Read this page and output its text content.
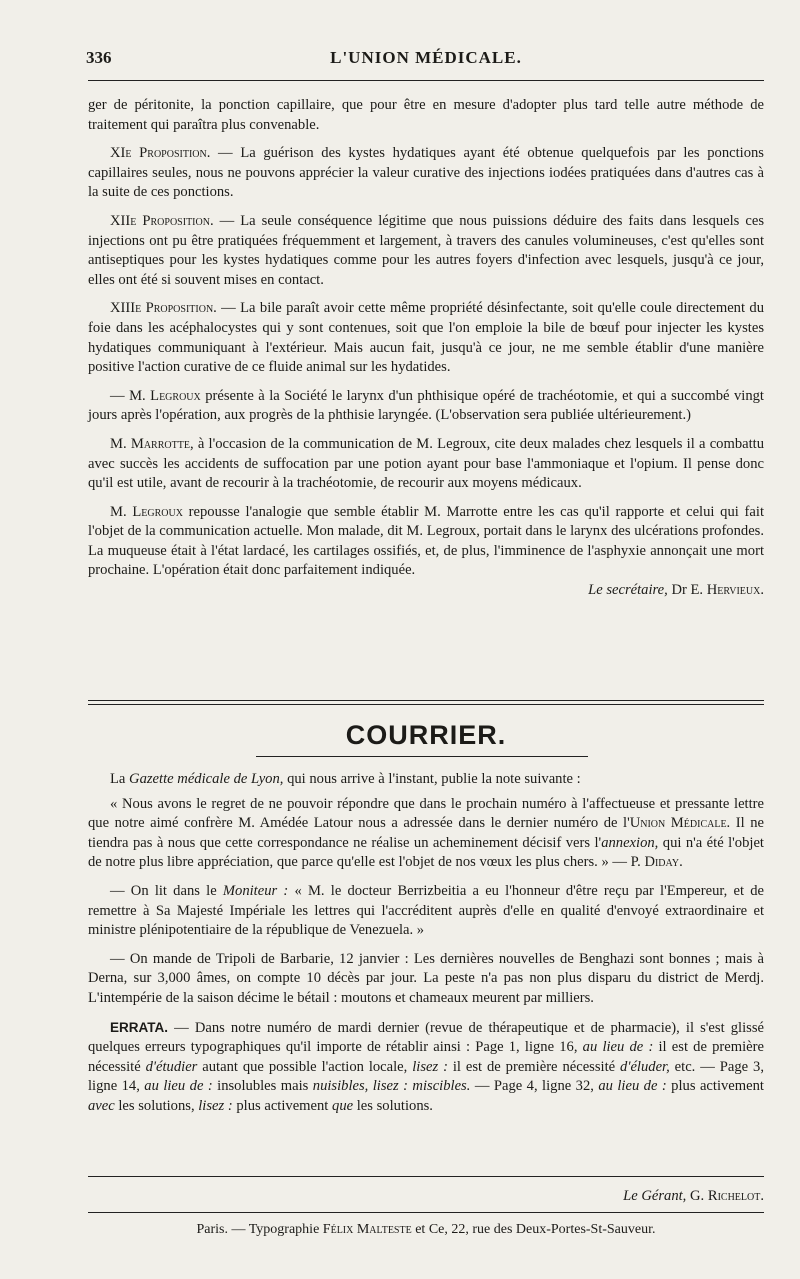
336	L'UNION MÉDICALE.

ger de péritonite, la ponction capillaire, que pour être en mesure d'adopter plus tard telle autre méthode de traitement qui paraîtra plus convenable.

XIe Proposition. — La guérison des kystes hydatiques ayant été obtenue quelquefois par les ponctions capillaires seules, nous ne pouvons apprécier la valeur curative des injections iodées pratiquées dans d'autres cas à la suite de ces ponctions.

XIIe Proposition. — La seule conséquence légitime que nous puissions déduire des faits dans lesquels ces injections ont pu être pratiquées fréquemment et largement, à travers des canules volumineuses, c'est qu'elles sont antiseptiques pour les kystes hydatiques comme pour les autres foyers d'infection avec lesquels, jusqu'à ce jour, elles ont été si souvent mises en contact.

XIIIe Proposition. — La bile paraît avoir cette même propriété désinfectante, soit qu'elle coule directement du foie dans les acéphalocystes qui y sont contenues, soit que l'on emploie la bile de bœuf pour injecter les kystes hydatiques communiquant à l'extérieur. Mais aucun fait, jusqu'à ce jour, ne me semble établir d'une manière positive l'action curative de ce fluide animal sur les hydatides.

— M. Legroux présente à la Société le larynx d'un phthisique opéré de trachéotomie, et qui a succombé vingt jours après l'opération, aux progrès de la phthisie laryngée. (L'observation sera publiée ultérieurement.)

M. Marrotte, à l'occasion de la communication de M. Legroux, cite deux malades chez lesquels il a combattu avec succès les accidents de suffocation par une potion ayant pour base l'ammoniaque et l'opium. Il pense donc qu'il est utile, avant de recourir à la trachéotomie, de recourir aux moyens médicaux.

M. Legroux repousse l'analogie que semble établir M. Marrotte entre les cas qu'il rapporte et celui qui fait l'objet de la communication actuelle. Mon malade, dit M. Legroux, portait dans le larynx des ulcérations profondes. La muqueuse était à l'état lardacé, les cartilages ossifiés, et, de plus, l'imminence de l'asphyxie annonçait une mort prochaine. L'opération était donc parfaitement indiquée.

Le secrétaire, Dr E. Hervieux.

COURRIER.

La Gazette médicale de Lyon, qui nous arrive à l'instant, publie la note suivante :

« Nous avons le regret de ne pouvoir répondre que dans le prochain numéro à l'affectueuse et pressante lettre que notre aimé confrère M. Amédée Latour nous a adressée dans le dernier numéro de l'Union Médicale. Il ne tiendra pas à nous que cette correspondance ne réalise un acheminement décisif vers l'annexion, qui n'a été l'objet de notre plus libre appréciation, que parce qu'elle est l'objet de nos vœux les plus chers. » — P. Diday.

— On lit dans le Moniteur : « M. le docteur Berrizbeitia a eu l'honneur d'être reçu par l'Empereur, et de remettre à Sa Majesté Impériale les lettres qui l'accréditent auprès d'elle en qualité d'envoyé extraordinaire et ministre plénipotentiaire de la république de Venezuela. »

— On mande de Tripoli de Barbarie, 12 janvier : Les dernières nouvelles de Benghazi sont bonnes ; mais à Derna, sur 3,000 âmes, on compte 10 décès par jour. La peste n'a pas non plus disparu du district de Merdj. L'intempérie de la saison décime le bétail : moutons et chameaux meurent par milliers.

ERRATA. — Dans notre numéro de mardi dernier (revue de thérapeutique et de pharmacie), il s'est glissé quelques erreurs typographiques qu'il importe de rétablir ainsi : Page 1, ligne 16, au lieu de : il est de première nécessité d'étudier autant que possible l'action locale, lisez : il est de première nécessité d'éluder, etc. — Page 3, ligne 14, au lieu de : insolubles mais nuisibles, lisez : miscibles. — Page 4, ligne 32, au lieu de : plus activement avec les solutions, lisez : plus activement que les solutions.

Le Gérant, G. Richelot.
Paris. — Typographie Félix Malteste et Ce, 22, rue des Deux-Portes-St-Sauveur.
